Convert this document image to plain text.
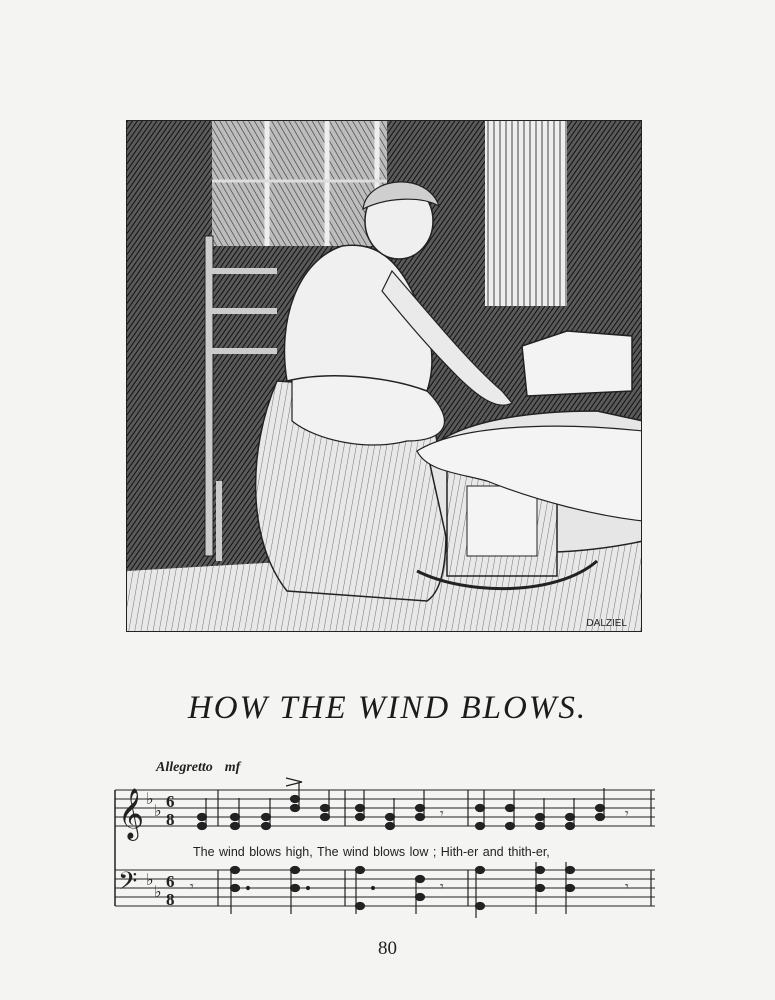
DALZIEL
HOW THE WIND BLOWS.
Allegretto mf
𝄞
𝄢
♭
♭
♭
♭
6
8
6
8
𝄾	𝄾
𝄾	𝄾	𝄾
The wind blows high, The wind blows low ; Hith-er and thith-er,
80
